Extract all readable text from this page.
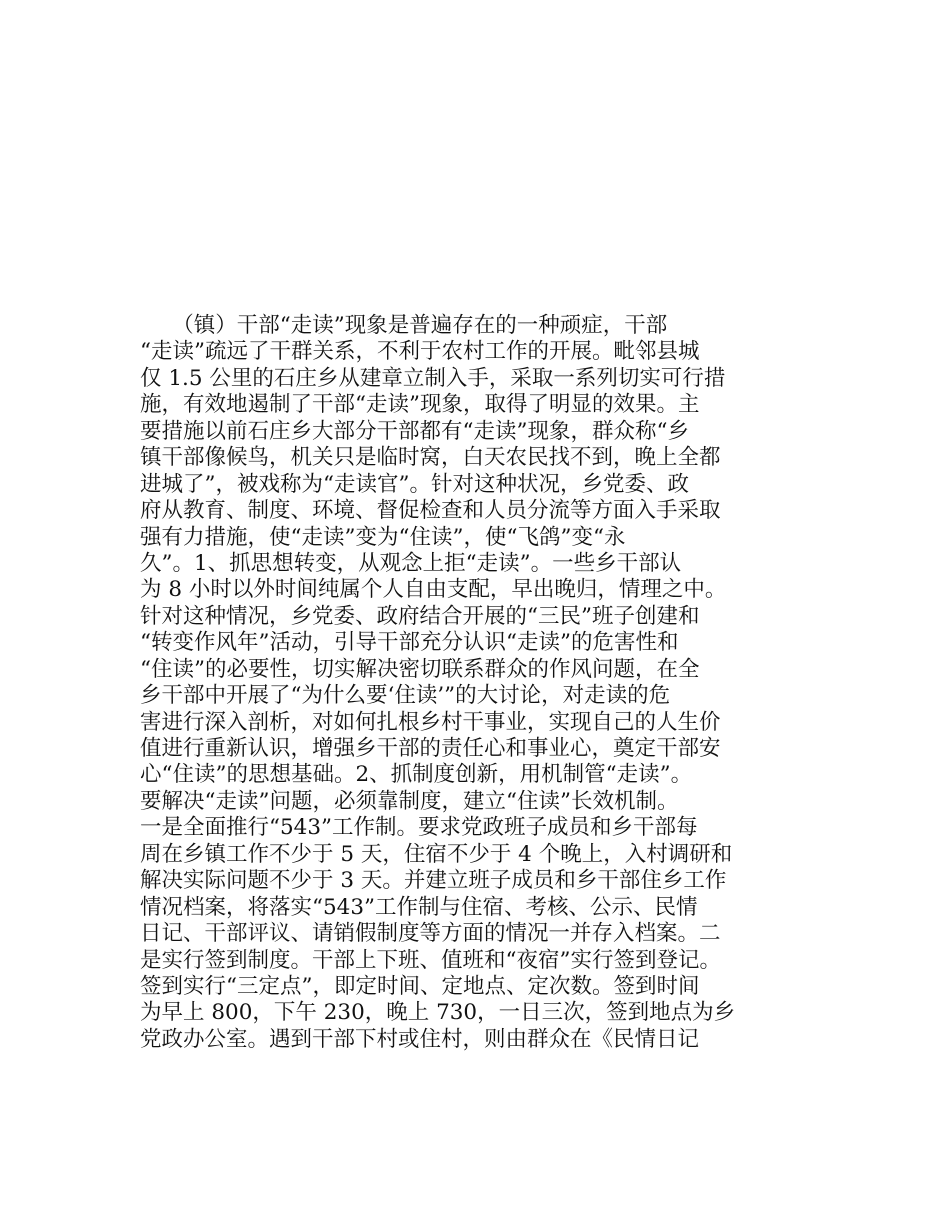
　　（镇）干部“走读”现象是普遍存在的一种顽症，干部
“走读”疏远了干群关系，不利于农村工作的开展。毗邻县城
仅 1.5 公里的石庄乡从建章立制入手，采取一系列切实可行措
施，有效地遏制了干部“走读”现象，取得了明显的效果。主
要措施以前石庄乡大部分干部都有“走读”现象，群众称“乡
镇干部像候鸟，机关只是临时窝，白天农民找不到，晚上全都
进城了”，被戏称为“走读官”。针对这种状况，乡党委、政
府从教育、制度、环境、督促检查和人员分流等方面入手采取
强有力措施，使“走读”变为“住读”，使“飞鸽”变“永
久”。1、抓思想转变，从观念上拒“走读”。一些乡干部认
为 8 小时以外时间纯属个人自由支配，早出晚归，情理之中。
针对这种情况，乡党委、政府结合开展的“三民”班子创建和
“转变作风年”活动，引导干部充分认识“走读”的危害性和
“住读”的必要性，切实解决密切联系群众的作风问题，在全
乡干部中开展了“为什么要‘住读’”的大讨论，对走读的危
害进行深入剖析，对如何扎根乡村干事业，实现自己的人生价
值进行重新认识，增强乡干部的责任心和事业心，奠定干部安
心“住读”的思想基础。2、抓制度创新，用机制管“走读”。
要解决“走读”问题，必须靠制度，建立“住读”长效机制。
一是全面推行“543”工作制。要求党政班子成员和乡干部每
周在乡镇工作不少于 5 天，住宿不少于 4 个晚上，入村调研和
解决实际问题不少于 3 天。并建立班子成员和乡干部住乡工作
情况档案，将落实“543”工作制与住宿、考核、公示、民情
日记、干部评议、请销假制度等方面的情况一并存入档案。二
是实行签到制度。干部上下班、值班和“夜宿”实行签到登记。
签到实行“三定点”，即定时间、定地点、定次数。签到时间
为早上 800，下午 230，晚上 730，一日三次，签到地点为乡
党政办公室。遇到干部下村或住村，则由群众在《民情日记
